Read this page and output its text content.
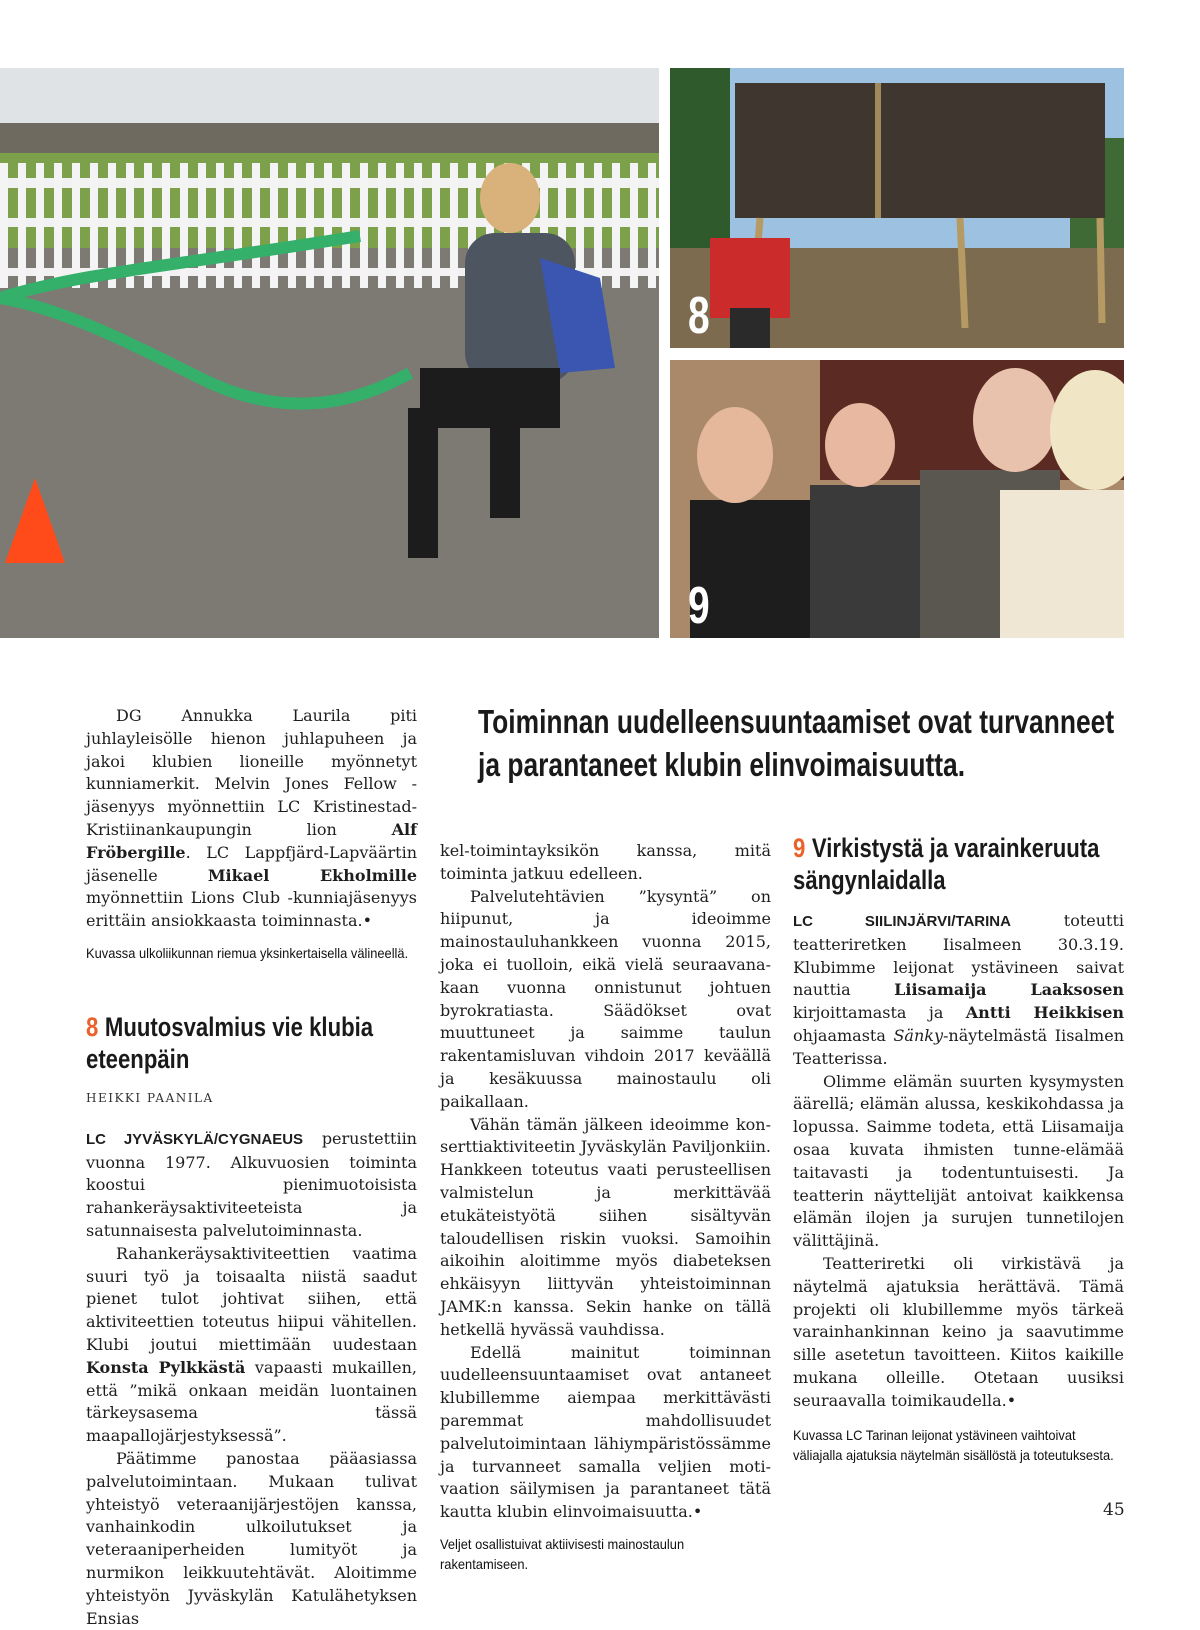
8
9
Toiminnan uudelleensuuntaamiset ovat turvanneet
ja parantaneet klubin elinvoimaisuutta.

DG Annukka Laurila piti juhlayleisölle hienon juhlapuheen ja jakoi klubien lioneille myönnetyt kunniamerkit. Melvin Jones Fellow -jäsenyys myönnettiin LC Kristinestad-Kristiinankaupungin lion Alf Fröbergille. LC Lappfjärd-Lapväärtin jäsenelle Mikael Ekholmille myönnettiin Lions Club -kunniajäsenyys erittäin ansiokkaasta toiminnasta.•

Kuvassa ulkoliikunnan riemua yksinkertaisella välineellä.
8 Muutosvalmius vie klubia eteenpäin
HEIKKI PAANILA

LC JYVÄSKYLÄ/CYGNAEUS perustettiin vuonna 1977. Alkuvuosien toiminta koostui pienimuotoisista rahankeräysaktiviteeteista ja satunnaisesta palvelutoiminnasta.

Rahankeräysaktiviteettien vaatima suuri työ ja toisaalta niistä saadut pienet tulot johtivat siihen, että aktiviteettien toteutus hiipui vähitellen. Klubi joutui miettimään uudestaan Konsta Pylkkästä vapaasti mukaillen, että ”mikä onkaan meidän luontainen tärkeysasema tässä maapallojärjestyksessä”.

Päätimme panostaa pääasiassa palvelutoimintaan. Mukaan tulivat yhteistyö veteraanijärjestöjen kanssa, vanhainkodin ulkoilutukset ja veteraaniperheiden lumityöt ja nurmikon leikkuutehtävät. Aloitimme yhteistyön Jyväskylän Katulähetyksen Ensias

kel-toimintayksikön kanssa, mitä toiminta jatkuu edelleen.

Palvelutehtävien ”kysyntä” on hiipunut, ja ideoimme mainostauluhankkeen vuonna 2015, joka ei tuolloin, eikä vielä seuraavanakaan vuonna onnistunut johtuen byrokratiasta. Säädökset ovat muuttuneet ja saimme taulun rakentamisluvan vihdoin 2017 keväällä ja kesäkuussa mainostaulu oli paikallaan.

Vähän tämän jälkeen ideoimme konserttiaktiviteetin Jyväskylän Paviljonkiin. Hankkeen toteutus vaati perusteellisen valmistelun ja merkittävää etukäteistyötä siihen sisältyvän taloudellisen riskin vuoksi. Samoihin aikoihin aloitimme myös diabeteksen ehkäisyyn liittyvän yhteistoiminnan JAMK:n kanssa. Sekin hanke on tällä hetkellä hyvässä vauhdissa.

Edellä mainitut toiminnan uudelleensuuntaamiset ovat antaneet klubillemme aiempaa merkittävästi paremmat mahdollisuudet palvelutoimintaan lähiympäristössämme ja turvanneet samalla veljien motivaation säilymisen ja parantaneet tätä kautta klubin elinvoimaisuutta.•

Veljet osallistuivat aktiivisesti mainostaulun rakentamiseen.
9 Virkistystä ja varainkeruuta sängynlaidalla

LC SIILINJÄRVI/TARINA toteutti teatteriretken Iisalmeen 30.3.19. Klubimme leijonat ystävineen saivat nauttia Liisamaija Laaksosen kirjoittamasta ja Antti Heikkisen ohjaamasta Sänky-näytelmästä Iisalmen Teatterissa.

Olimme elämän suurten kysymysten äärellä; elämän alussa, keskikohdassa ja lopussa. Saimme todeta, että Liisamaija osaa kuvata ihmisten tunne-elämää taitavasti ja todentuntuisesti. Ja teatterin näyttelijät antoivat kaikkensa elämän ilojen ja surujen tunnetilojen välittäjinä.

Teatteriretki oli virkistävä ja näytelmä ajatuksia herättävä. Tämä projekti oli klubillemme myös tärkeä varainhankinnan keino ja saavutimme sille asetetun tavoitteen. Kiitos kaikille mukana olleille. Otetaan uusiksi seuraavalla toimikaudella.•

Kuvassa LC Tarinan leijonat ystävineen vaihtoivat väliajalla ajatuksia näytelmän sisällöstä ja toteutuksesta.
45
